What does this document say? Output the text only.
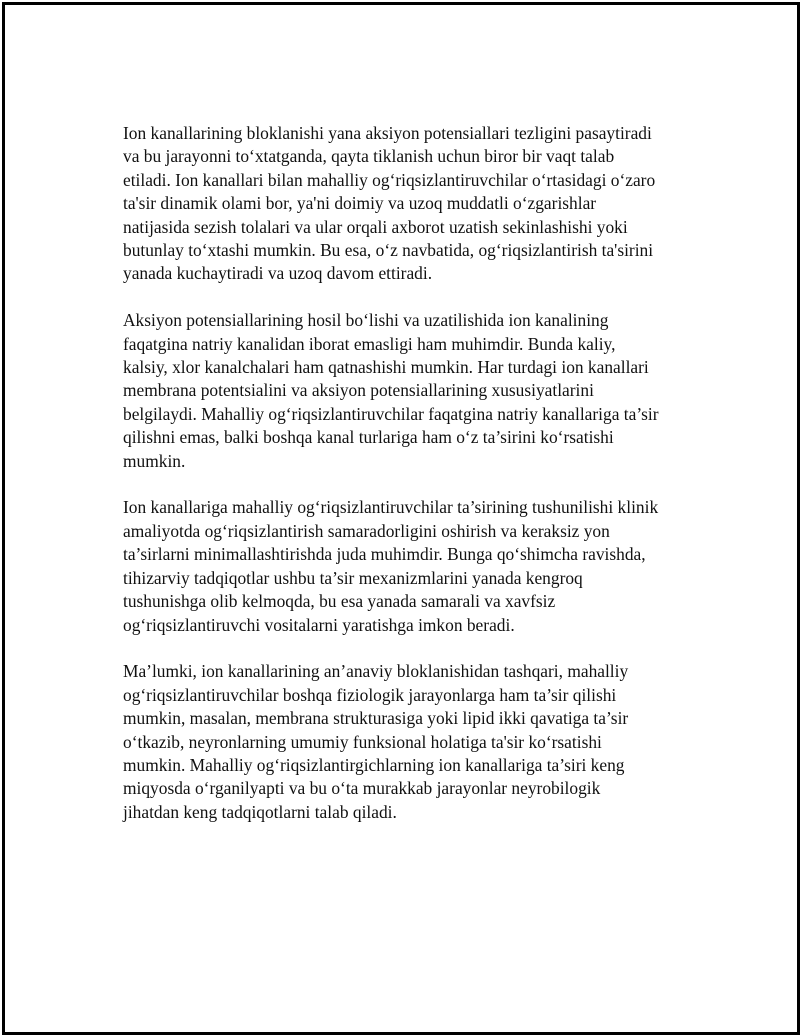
Ion kanallarining bloklanishi yana aksiyon potensiallari tezligini pasaytiradi
va bu jarayonni to‘xtatganda, qayta tiklanish uchun biror bir vaqt talab
etiladi. Ion kanallari bilan mahalliy og‘riqsizlantiruvchilar o‘rtasidagi o‘zaro
ta'sir dinamik olami bor, ya'ni doimiy va uzoq muddatli o‘zgarishlar
natijasida sezish tolalari va ular orqali axborot uzatish sekinlashishi yoki
butunlay to‘xtashi mumkin. Bu esa, o‘z navbatida, og‘riqsizlantirish ta'sirini
yanada kuchaytiradi va uzoq davom ettiradi.

Aksiyon potensiallarining hosil bo‘lishi va uzatilishida ion kanalining
faqatgina natriy kanalidan iborat emasligi ham muhimdir. Bunda kaliy,
kalsiy, xlor kanalchalari ham qatnashishi mumkin. Har turdagi ion kanallari
membrana potentsialini va aksiyon potensiallarining xususiyatlarini
belgilaydi. Mahalliy og‘riqsizlantiruvchilar faqatgina natriy kanallariga ta’sir
qilishni emas, balki boshqa kanal turlariga ham o‘z ta’sirini ko‘rsatishi
mumkin.

Ion kanallariga mahalliy og‘riqsizlantiruvchilar ta’sirining tushunilishi klinik
amaliyotda og‘riqsizlantirish samaradorligini oshirish va keraksiz yon
ta’sirlarni minimallashtirishda juda muhimdir. Bunga qo‘shimcha ravishda,
tihizarviy tadqiqotlar ushbu ta’sir mexanizmlarini yanada kengroq
tushunishga olib kelmoqda, bu esa yanada samarali va xavfsiz
og‘riqsizlantiruvchi vositalarni yaratishga imkon beradi.

Ma’lumki, ion kanallarining an’anaviy bloklanishidan tashqari, mahalliy
og‘riqsizlantiruvchilar boshqa fiziologik jarayonlarga ham ta’sir qilishi
mumkin, masalan, membrana strukturasiga yoki lipid ikki qavatiga ta’sir
o‘tkazib, neyronlarning umumiy funksional holatiga ta'sir ko‘rsatishi
mumkin. Mahalliy og‘riqsizlantirgichlarning ion kanallariga ta’siri keng
miqyosda o‘rganilyapti va bu o‘ta murakkab jarayonlar neyrobilogik
jihatdan keng tadqiqotlarni talab qiladi.
